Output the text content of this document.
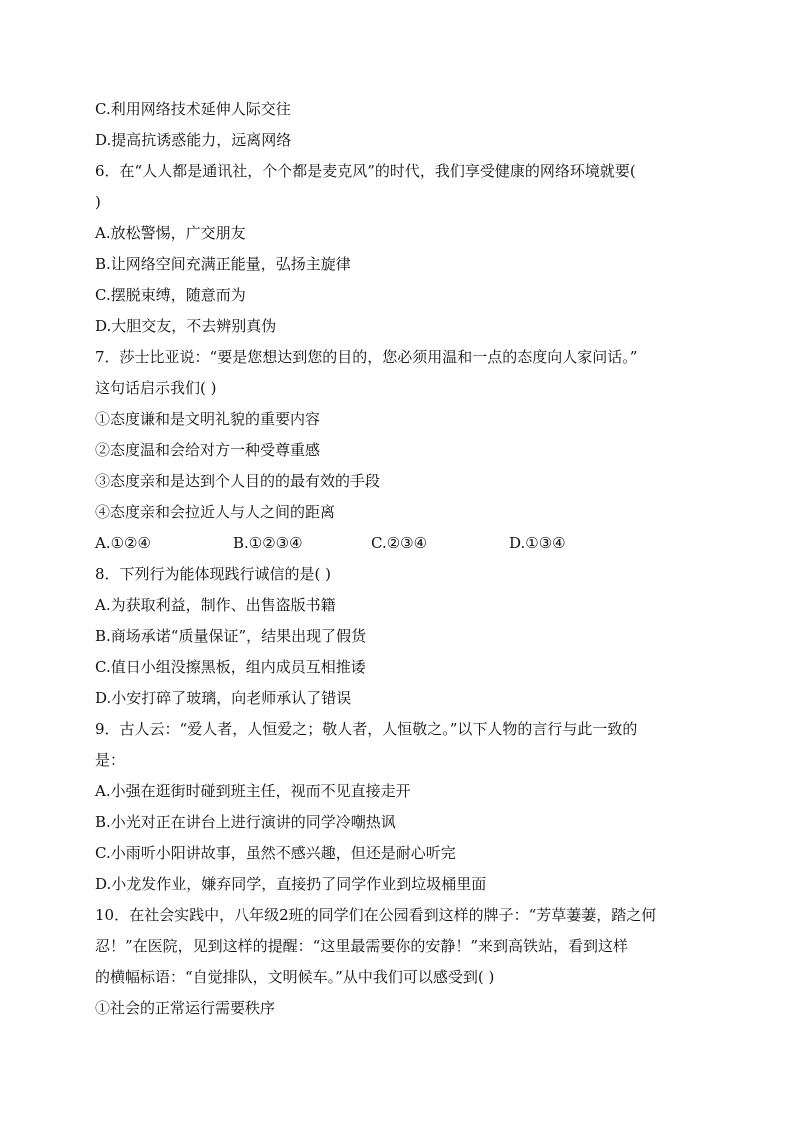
C.利用网络技术延伸人际交往
D.提高抗诱惑能力，远离网络
6．在“人人都是通讯社，个个都是麦克风”的时代，我们享受健康的网络环境就要(
)
A.放松警惕，广交朋友
B.让网络空间充满正能量，弘扬主旋律
C.摆脱束缚，随意而为
D.大胆交友，不去辨别真伪
7．莎士比亚说：“要是您想达到您的目的，您必须用温和一点的态度向人家问话。”
这句话启示我们( )
①态度谦和是文明礼貌的重要内容
②态度温和会给对方一种受尊重感
③态度亲和是达到个人目的的最有效的手段
④态度亲和会拉近人与人之间的距离
A.①②④	B.①②③④	C.②③④	D.①③④
8．下列行为能体现践行诚信的是( )
A.为获取利益，制作、出售盗版书籍
B.商场承诺“质量保证”，结果出现了假货
C.值日小组没擦黑板，组内成员互相推诿
D.小安打碎了玻璃，向老师承认了错误
9．古人云：“爱人者，人恒爱之；敬人者，人恒敬之。”以下人物的言行与此一致的
是：
A.小强在逛街时碰到班主任，视而不见直接走开
B.小光对正在讲台上进行演讲的同学冷嘲热讽
C.小雨听小阳讲故事，虽然不感兴趣，但还是耐心听完
D.小龙发作业，嫌弃同学，直接扔了同学作业到垃圾桶里面
10．在社会实践中，八年级2班的同学们在公园看到这样的牌子：“芳草萋萋，踏之何
忍！”在医院，见到这样的提醒：“这里最需要你的安静！”来到高铁站，看到这样
的横幅标语：“自觉排队，文明候车。”从中我们可以感受到( )
①社会的正常运行需要秩序
